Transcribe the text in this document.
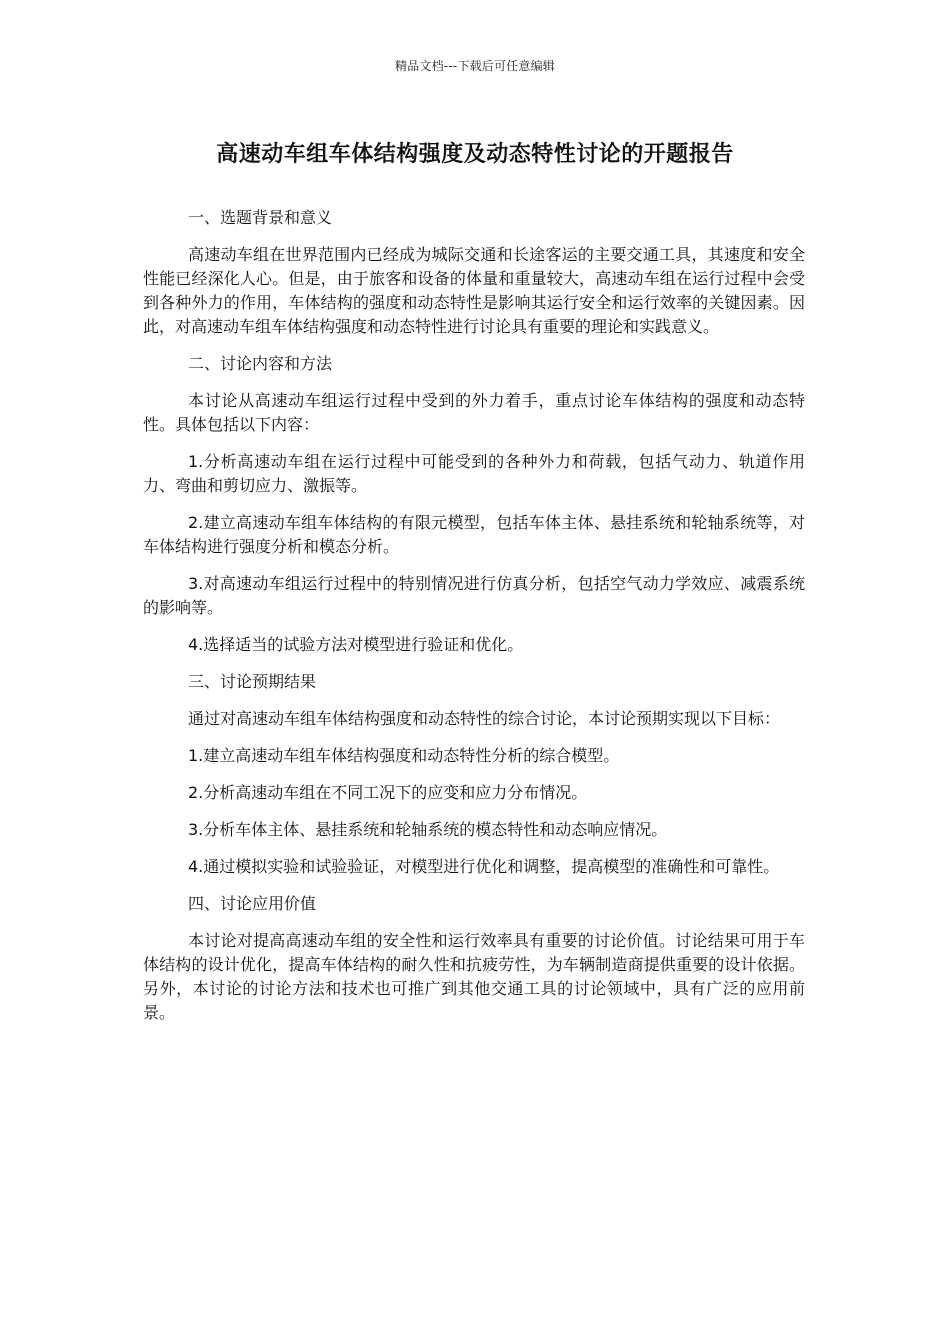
精品文档---下载后可任意编辑
高速动车组车体结构强度及动态特性讨论的开题报告

一、选题背景和意义

高速动车组在世界范围内已经成为城际交通和长途客运的主要交通工具，其速度和安全性能已经深化人心。但是，由于旅客和设备的体量和重量较大，高速动车组在运行过程中会受到各种外力的作用，车体结构的强度和动态特性是影响其运行安全和运行效率的关键因素。因此，对高速动车组车体结构强度和动态特性进行讨论具有重要的理论和实践意义。

二、讨论内容和方法

本讨论从高速动车组运行过程中受到的外力着手，重点讨论车体结构的强度和动态特性。具体包括以下内容：

1.分析高速动车组在运行过程中可能受到的各种外力和荷载，包括气动力、轨道作用力、弯曲和剪切应力、激振等。

2.建立高速动车组车体结构的有限元模型，包括车体主体、悬挂系统和轮轴系统等，对车体结构进行强度分析和模态分析。

3.对高速动车组运行过程中的特别情况进行仿真分析，包括空气动力学效应、减震系统的影响等。

4.选择适当的试验方法对模型进行验证和优化。

三、讨论预期结果

通过对高速动车组车体结构强度和动态特性的综合讨论，本讨论预期实现以下目标：

1.建立高速动车组车体结构强度和动态特性分析的综合模型。

2.分析高速动车组在不同工况下的应变和应力分布情况。

3.分析车体主体、悬挂系统和轮轴系统的模态特性和动态响应情况。

4.通过模拟实验和试验验证，对模型进行优化和调整，提高模型的准确性和可靠性。

四、讨论应用价值

本讨论对提高高速动车组的安全性和运行效率具有重要的讨论价值。讨论结果可用于车体结构的设计优化，提高车体结构的耐久性和抗疲劳性，为车辆制造商提供重要的设计依据。另外，本讨论的讨论方法和技术也可推广到其他交通工具的讨论领域中，具有广泛的应用前景。
